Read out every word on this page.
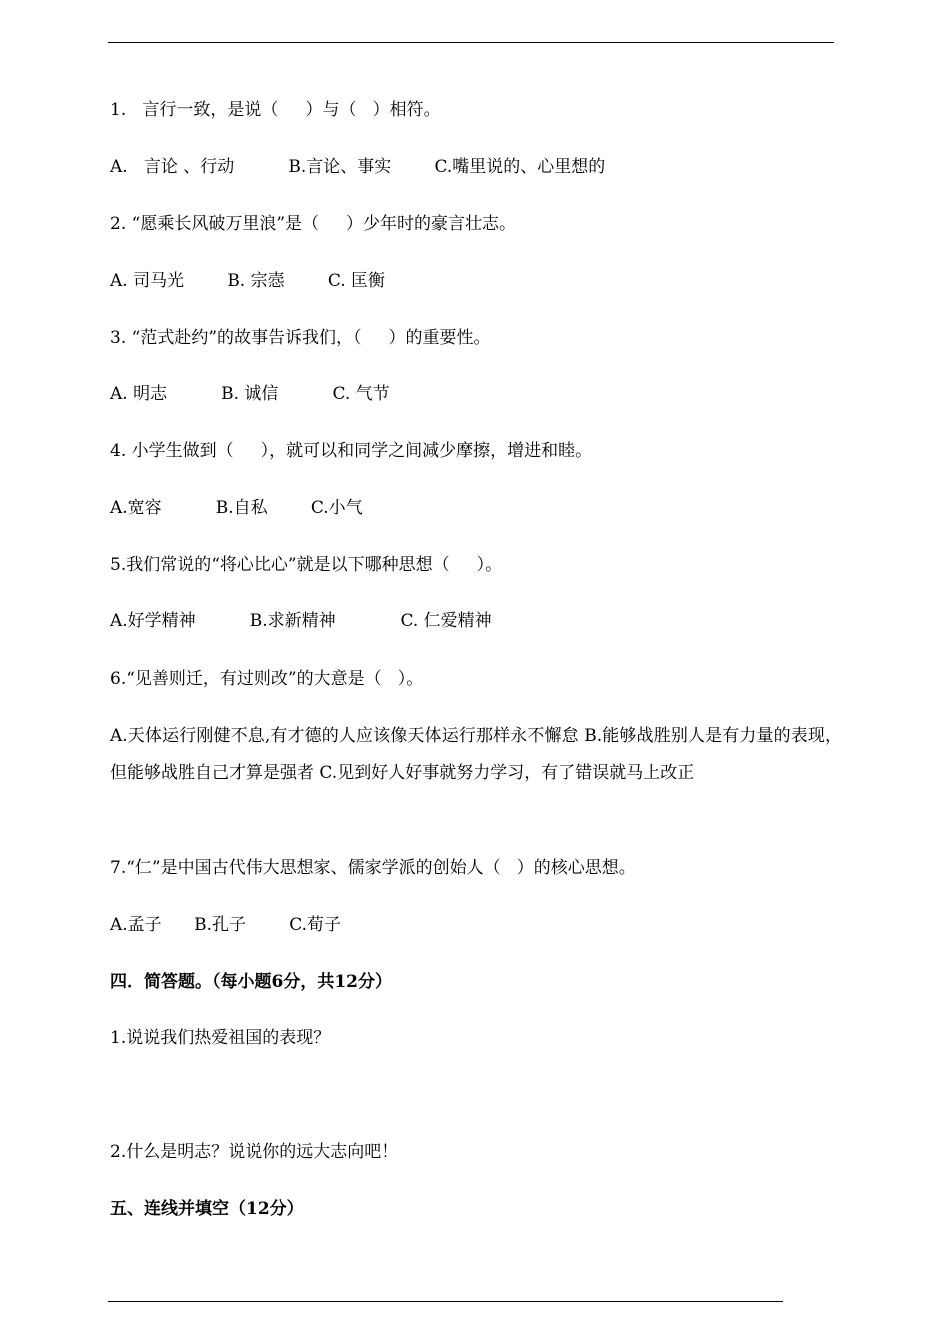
1.   言行一致，是说（     ）与（   ）相符。
A.   言论 、行动          B.言论、事实        C.嘴里说的、心里想的
2. “愿乘长风破万里浪”是（     ）少年时的豪言壮志。
A. 司马光        B. 宗悫        C. 匡衡
3. “范式赴约”的故事告诉我们，（     ）的重要性。
A. 明志          B. 诚信          C. 气节
4. 小学生做到（     ），就可以和同学之间减少摩擦，增进和睦。
A.宽容          B.自私        C.小气
5.我们常说的“将心比心”就是以下哪种思想（     ）。
A.好学精神          B.求新精神            C. 仁爱精神
6.“见善则迁，有过则改”的大意是（   ）。
A.天体运行刚健不息,有才德的人应该像天体运行那样永不懈怠 B.能够战胜别人是有力量的表现，但能够战胜自己才算是强者 C.见到好人好事就努力学习，有了错误就马上改正
7.“仁”是中国古代伟大思想家、儒家学派的创始人（   ）的核心思想。
A.孟子      B.孔子        C.荀子
四．简答题。（每小题6分，共12分）
1.说说我们热爱祖国的表现？
2.什么是明志？说说你的远大志向吧！
五、连线并填空（12分）
